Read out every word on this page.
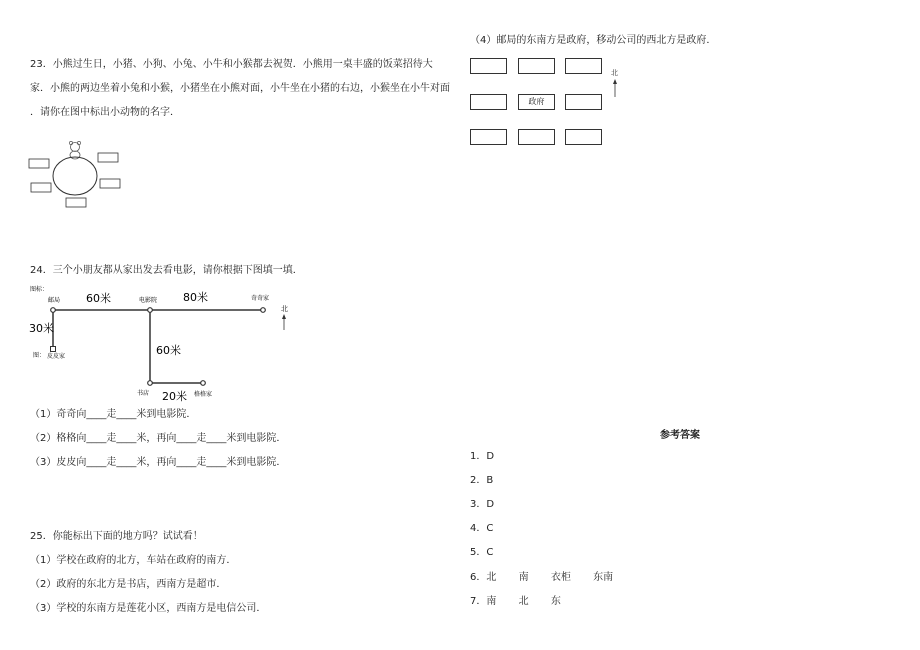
23．小熊过生日，小猪、小狗、小兔、小牛和小猴都去祝贺．小熊用一桌丰盛的饭菜招待大
家．小熊的两边坐着小兔和小猴，小猪坐在小熊对面，小牛坐在小猪的右边，小猴坐在小牛对面
．请你在图中标出小动物的名字．
24．三个小朋友都从家出发去看电影，请你根据下图填一填．
图标：
邮局	电影院	奇奇家
图： 皮皮家
书店	格格家
60米	80米
30米
60米
20米
北
（1）奇奇向____走____米到电影院．
（2）格格向____走____米，再向____走____米到电影院．
（3）皮皮向____走____米，再向____走____米到电影院．
25．你能标出下面的地方吗？试试看！
（1）学校在政府的北方，车站在政府的南方．
（2）政府的东北方是书店，西南方是超市．
（3）学校的东南方是莲花小区，西南方是电信公司．
（4）邮局的东南方是政府，移动公司的西北方是政府．
政府
北
参考答案
1．D
2．B
3．D
4．C
5．C
6．北       南       衣柜       东南
7．南       北       东
